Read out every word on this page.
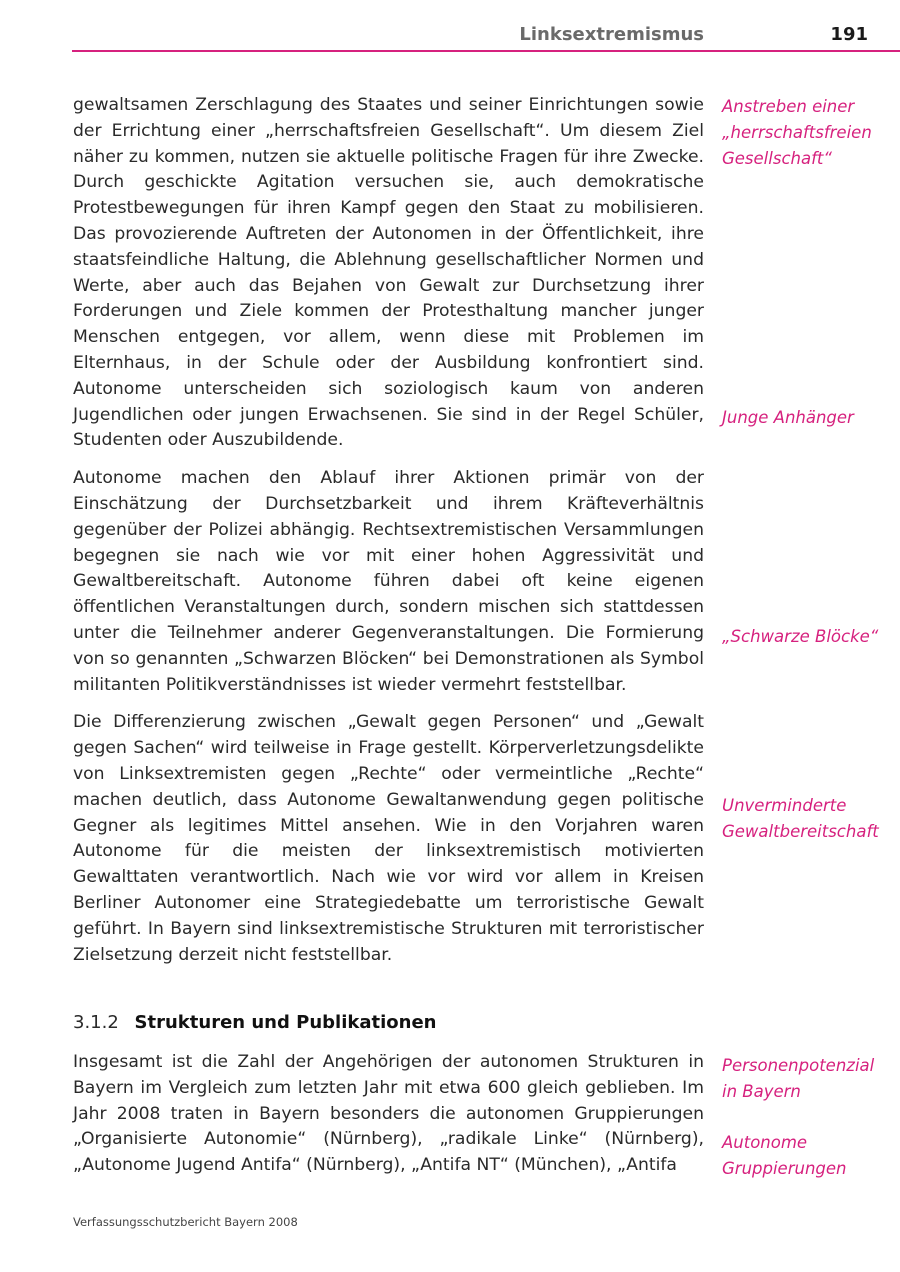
Linksextremismus	191

gewaltsamen Zerschlagung des Staates und seiner Einrichtungen sowie der Errichtung einer „herrschaftsfreien Gesellschaft“. Um diesem Ziel näher zu kommen, nutzen sie aktuelle politische Fragen für ihre Zwecke. Durch geschickte Agitation versuchen sie, auch demokratische Protestbewegungen für ihren Kampf gegen den Staat zu mobilisieren. Das provozierende Auftreten der Autonomen in der Öffentlichkeit, ihre staatsfeindliche Haltung, die Ablehnung gesellschaftlicher Normen und Werte, aber auch das Bejahen von Gewalt zur Durchsetzung ihrer Forderungen und Ziele kommen der Protesthaltung mancher junger Menschen entgegen, vor allem, wenn diese mit Problemen im Elternhaus, in der Schule oder der Ausbildung konfrontiert sind. Autonome unterscheiden sich soziologisch kaum von anderen Jugendlichen oder jungen Erwachsenen. Sie sind in der Regel Schüler, Studenten oder Auszubildende.

Autonome machen den Ablauf ihrer Aktionen primär von der Einschätzung der Durchsetzbarkeit und ihrem Kräfteverhältnis gegenüber der Polizei abhängig. Rechtsextremistischen Versammlungen begegnen sie nach wie vor mit einer hohen Aggressivität und Gewaltbereitschaft. Autonome führen dabei oft keine eigenen öffentlichen Veranstaltungen durch, sondern mischen sich stattdessen unter die Teilnehmer anderer Gegenveranstaltungen. Die Formierung von so genannten „Schwarzen Blöcken“ bei Demonstrationen als Symbol militanten Politikverständnisses ist wieder vermehrt feststellbar.

Die Differenzierung zwischen „Gewalt gegen Personen“ und „Gewalt gegen Sachen“ wird teilweise in Frage gestellt. Körperverletzungsdelikte von Linksextremisten gegen „Rechte“ oder vermeintliche „Rechte“ machen deutlich, dass Autonome Gewaltanwendung gegen politische Gegner als legitimes Mittel ansehen. Wie in den Vorjahren waren Autonome für die meisten der linksextremistisch motivierten Gewalttaten verantwortlich. Nach wie vor wird vor allem in Kreisen Berliner Autonomer eine Strategiedebatte um terroristische Gewalt geführt. In Bayern sind linksextremistische Strukturen mit terroristischer Zielsetzung derzeit nicht feststellbar.

3.1.2 Strukturen und Publikationen

Insgesamt ist die Zahl der Angehörigen der autonomen Strukturen in Bayern im Vergleich zum letzten Jahr mit etwa 600 gleich geblieben. Im Jahr 2008 traten in Bayern besonders die autonomen Gruppierungen „Organisierte Autonomie“ (Nürnberg), „radikale Linke“ (Nürnberg), „Autonome Jugend Antifa“ (Nürnberg), „Antifa NT“ (München), „Antifa

Anstreben einer
„herrschaftsfreien
Gesellschaft“
Junge Anhänger
„Schwarze Blöcke“
Unverminderte
Gewaltbereitschaft
Personenpotenzial
in Bayern
Autonome
Gruppierungen
Verfassungsschutzbericht Bayern 2008
